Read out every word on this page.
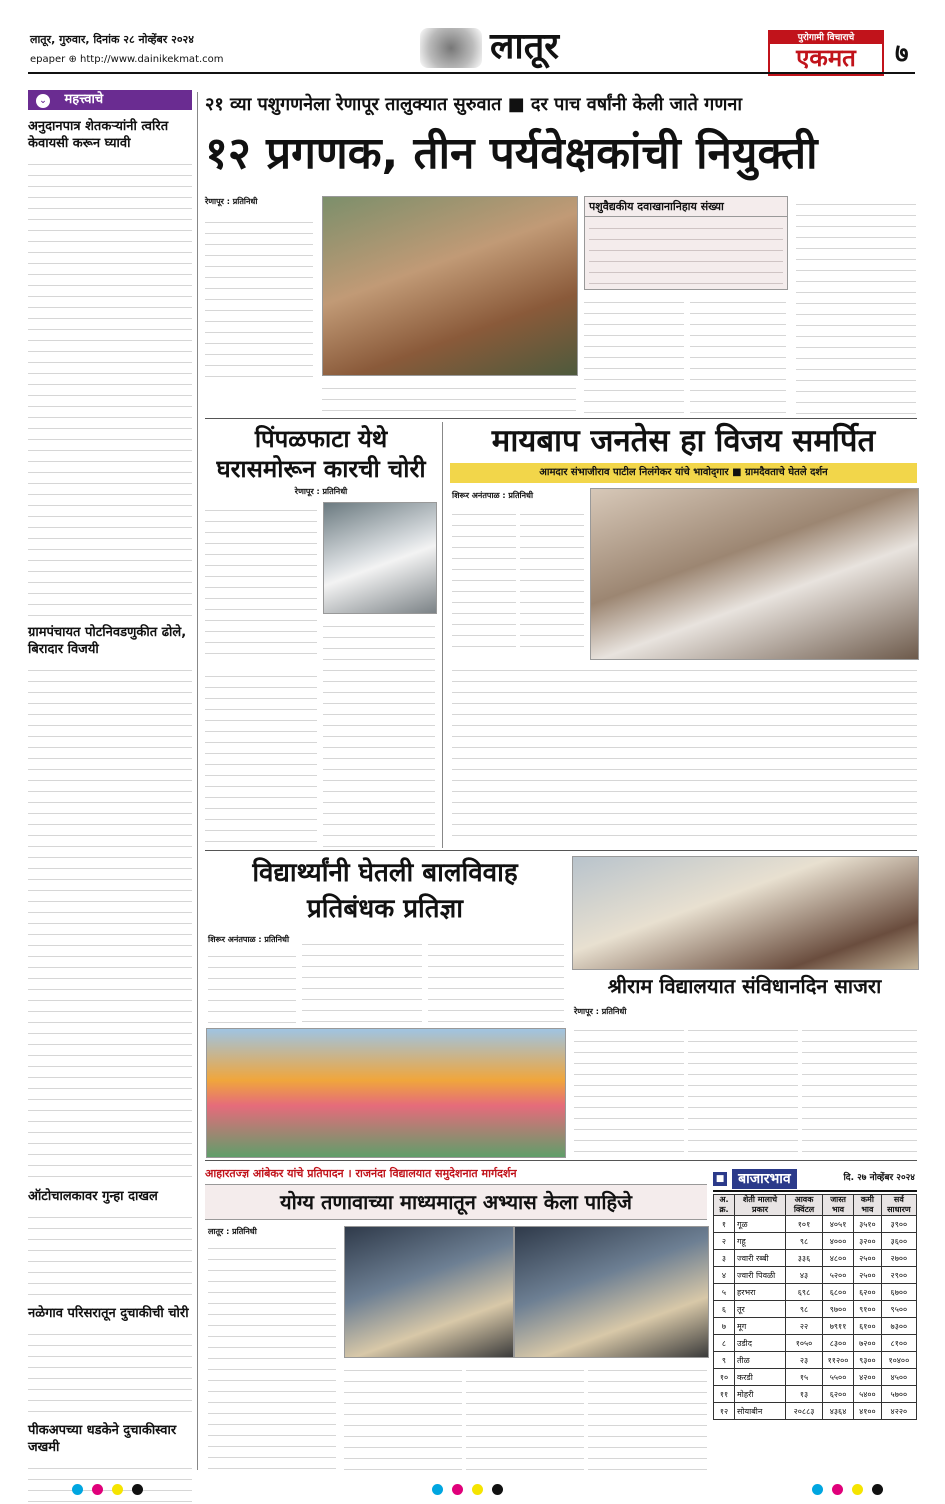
लातूर, गुरुवार, दिनांक २८ नोव्हेंबर २०२४
epaper ⊕ http://www.dainikekmat.com	लातूर	पुरोगामी विचाराचे
एकमत	७
⌄ महत्त्वाचे
अनुदानपात्र शेतकऱ्यांनी त्वरित केवायसी करून घ्यावी
ग्रामपंचायत पोटनिवडणुकीत ढोले, बिरादार विजयी
ऑटोचालकावर गुन्हा दाखल
नळेगाव परिसरातून दुचाकीची चोरी
पीकअपच्या धडकेने दुचाकीस्वार जखमी
२१ व्या पशुगणनेला रेणापूर तालुक्यात सुरुवात ■ दर पाच वर्षांनी केली जाते गणना
१२ प्रगणक, तीन पर्यवेक्षकांची नियुक्ती
रेणापूर : प्रतिनिधी	पशुवैद्यकीय दवाखानानिहाय संख्या
पिंपळफाटा येथे
घरासमोरून कारची चोरी
रेणापूर : प्रतिनिधी
मायबाप जनतेस हा विजय समर्पित
आमदार संभाजीराव पाटील निलंगेकर यांचे भावोद्‌गार ■ ग्रामदैवताचे घेतले दर्शन
शिरूर अनंतपाळ : प्रतिनिधी
विद्यार्थ्यांनी घेतली बालविवाह
प्रतिबंधक प्रतिज्ञा
शिरूर अनंतपाळ : प्रतिनिधी
श्रीराम विद्यालयात संविधानदिन साजरा
रेणापूर : प्रतिनिधी
आहारतज्ज्ञ आंबेकर यांचे प्रतिपादन । राजनंदा विद्यालयात समुदेशनात मार्गदर्शन
योग्य तणावाच्या माध्यमातून अभ्यास केला पाहिजे
लातूर : प्रतिनिधी
■ बाजारभाव	दि. २७ नोव्हेंबर २०२४
अ. क्र.	शेती मालाचे प्रकार	आवक क्विंटल	जास्त भाव	कमी भाव	सर्व साधारण
१	गूळ	१०१	४०५१	३५१०	३९००
२	गहू	९८	४०००	३२००	३६००
३	ज्वारी रब्बी	३३६	४८००	२५००	२७००
४	ज्वारी पिवळी	४३	५२००	२५००	२९००
५	हरभरा	६९८	६८००	६२००	६७००
६	तूर	९८	९७००	९१००	९५००
७	मूग	२२	७९११	६१००	७३००
८	उडीद	१०५०	८३००	७२००	८१००
९	तीळ	२३	११२००	९३००	१०४००
१०	करडी	१५	५५००	४२००	४५००
११	मोहरी	१३	६२००	५४००	५७००
१२	सोयाबीन	२०८८३	४३६४	४१००	४२२०
